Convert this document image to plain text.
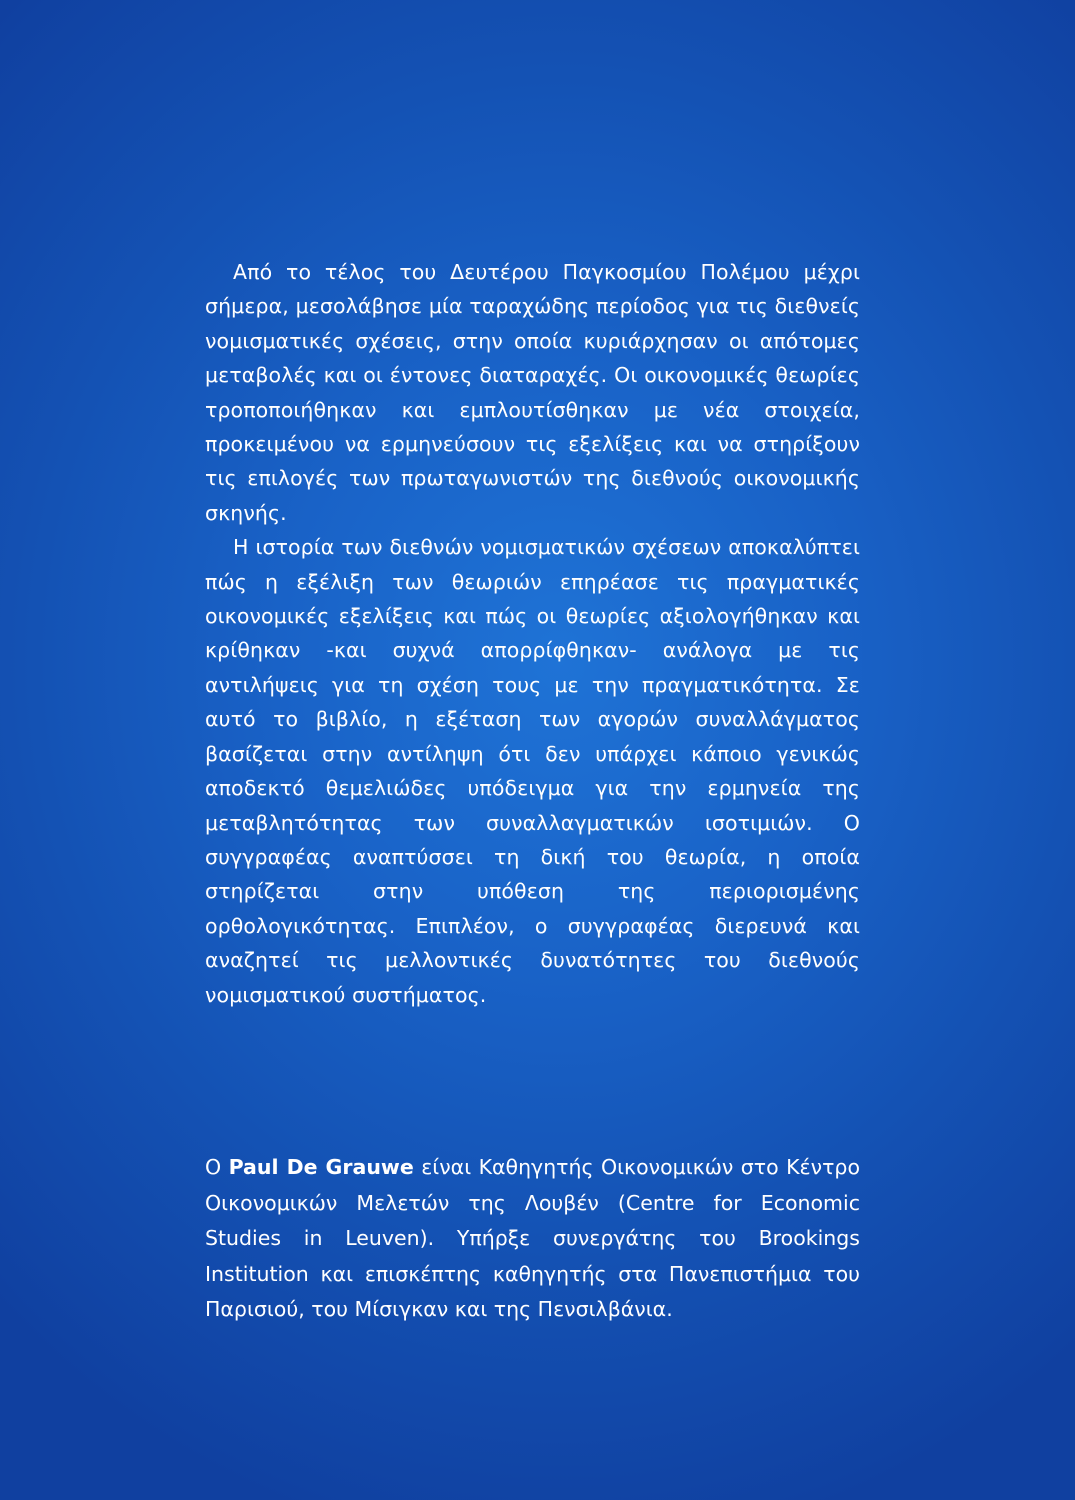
Από το τέλος του Δευτέρου Παγκοσμίου Πολέμου μέχρι σήμερα, μεσολάβησε μία ταραχώδης περίοδος για τις διεθνείς νομισματικές σχέσεις, στην οποία κυριάρχησαν οι απότομες μεταβολές και οι έντονες διαταραχές. Οι οικονομικές θεωρίες τροποποιήθηκαν και εμπλουτίσθηκαν με νέα στοιχεία, προκειμένου να ερμηνεύσουν τις εξελίξεις και να στηρίξουν τις επιλογές των πρωταγωνιστών της διεθνούς οικονομικής σκηνής.

Η ιστορία των διεθνών νομισματικών σχέσεων αποκαλύπτει πώς η εξέλιξη των θεωριών επηρέασε τις πραγματικές οικονομικές εξελίξεις και πώς οι θεωρίες αξιολογήθηκαν και κρίθηκαν -και συχνά απορρίφθηκαν- ανάλογα με τις αντιλήψεις για τη σχέση τους με την πραγματικότητα. Σε αυτό το βιβλίο, η εξέταση των αγορών συναλλάγματος βασίζεται στην αντίληψη ότι δεν υπάρχει κάποιο γενικώς αποδεκτό θεμελιώδες υπόδειγμα για την ερμηνεία της μεταβλητότητας των συναλλαγματικών ισοτιμιών. Ο συγγραφέας αναπτύσσει τη δική του θεωρία, η οποία στηρίζεται στην υπόθεση της περιορισμένης ορθολογικότητας. Επιπλέον, ο συγγραφέας διερευνά και αναζητεί τις μελλοντικές δυνατότητες του διεθνούς νομισματικού συστήματος.

Ο Paul De Grauwe είναι Καθηγητής Οικονομικών στο Κέντρο Οικονομικών Μελετών της Λουβέν (Centre for Economic Studies in Leuven). Υπήρξε συνεργάτης του Brookings Institution και επισκέπτης καθηγητής στα Πανεπιστήμια του Παρισιού, του Μίσιγκαν και της Πενσιλβάνια.
